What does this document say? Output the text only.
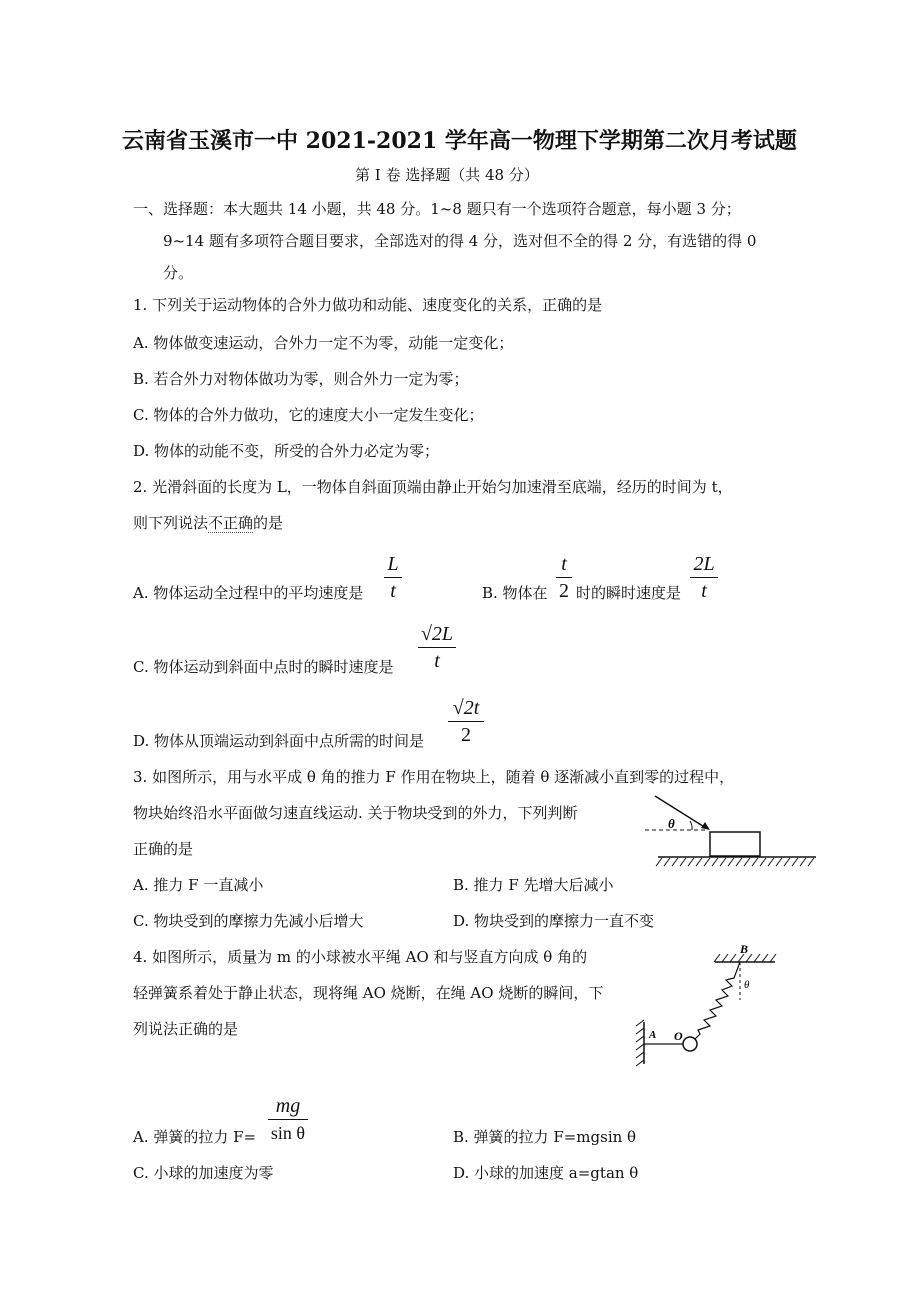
云南省玉溪市一中 2021-2021 学年高一物理下学期第二次月考试题
第 I 卷 选择题（共 48 分）
一、选择题：本大题共 14 小题，共 48 分。1~8 题只有一个选项符合题意，每小题 3 分；
9~14 题有多项符合题目要求，全部选对的得 4 分，选对但不全的得 2 分，有选错的得 0
分。
1. 下列关于运动物体的合外力做功和动能、速度变化的关系，正确的是
A. 物体做变速运动，合外力一定不为零，动能一定变化；
B. 若合外力对物体做功为零，则合外力一定为零；
C. 物体的合外力做功，它的速度大小一定发生变化；
D. 物体的动能不变，所受的合外力必定为零；
2. 光滑斜面的长度为 L，一物体自斜面顶端由静止开始匀加速滑至底端，经历的时间为 t，
则下列说法不正确的是
A. 物体运动全过程中的平均速度是
L
t	B. 物体在
t
2 时的瞬时速度是
2L
t
C. 物体运动到斜面中点时的瞬时速度是
√2L
t
D. 物体从顶端运动到斜面中点所需的时间是
√2t
2
3. 如图所示，用与水平成 θ 角的推力 F 作用在物块上，随着 θ 逐渐减小直到零的过程中，
物块始终沿水平面做匀速直线运动. 关于物块受到的外力，下列判断
正确的是
θ
A. 推力 F 一直减小	B. 推力 F 先增大后减小
C. 物块受到的摩擦力先减小后增大	D. 物块受到的摩擦力一直不变
4. 如图所示，质量为 m 的小球被水平绳 AO 和与竖直方向成 θ 角的
轻弹簧系着处于静止状态，现将绳 AO 烧断，在绳 AO 烧断的瞬间，下
列说法正确的是
B
θ
O
A
A. 弹簧的拉力 F=
mg
sin θ	B. 弹簧的拉力 F=mgsin θ
C. 小球的加速度为零	D. 小球的加速度 a=gtan θ
